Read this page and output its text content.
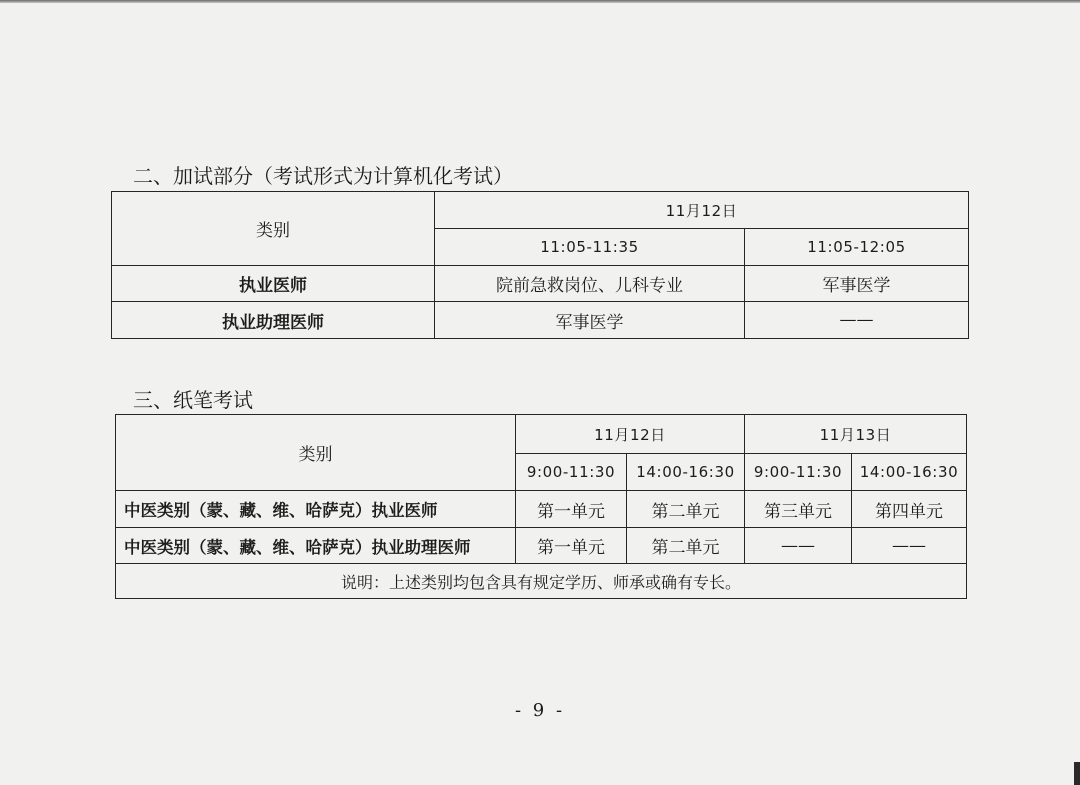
二、加试部分（考试形式为计算机化考试）
类别	11月12日	
	11:05-11:35	11:05-12:05
执业医师	院前急救岗位、儿科专业	军事医学
执业助理医师	军事医学	——
三、纸笔考试
类别	11月12日		11月13日	
	9:00-11:30	14:00-16:30	9:00-11:30	14:00-16:30
中医类别（蒙、藏、维、哈萨克）执业医师	第一单元	第二单元	第三单元	第四单元
中医类别（蒙、藏、维、哈萨克）执业助理医师	第一单元	第二单元	——	——
说明：上述类别均包含具有规定学历、师承或确有专长。				
- 9 -
